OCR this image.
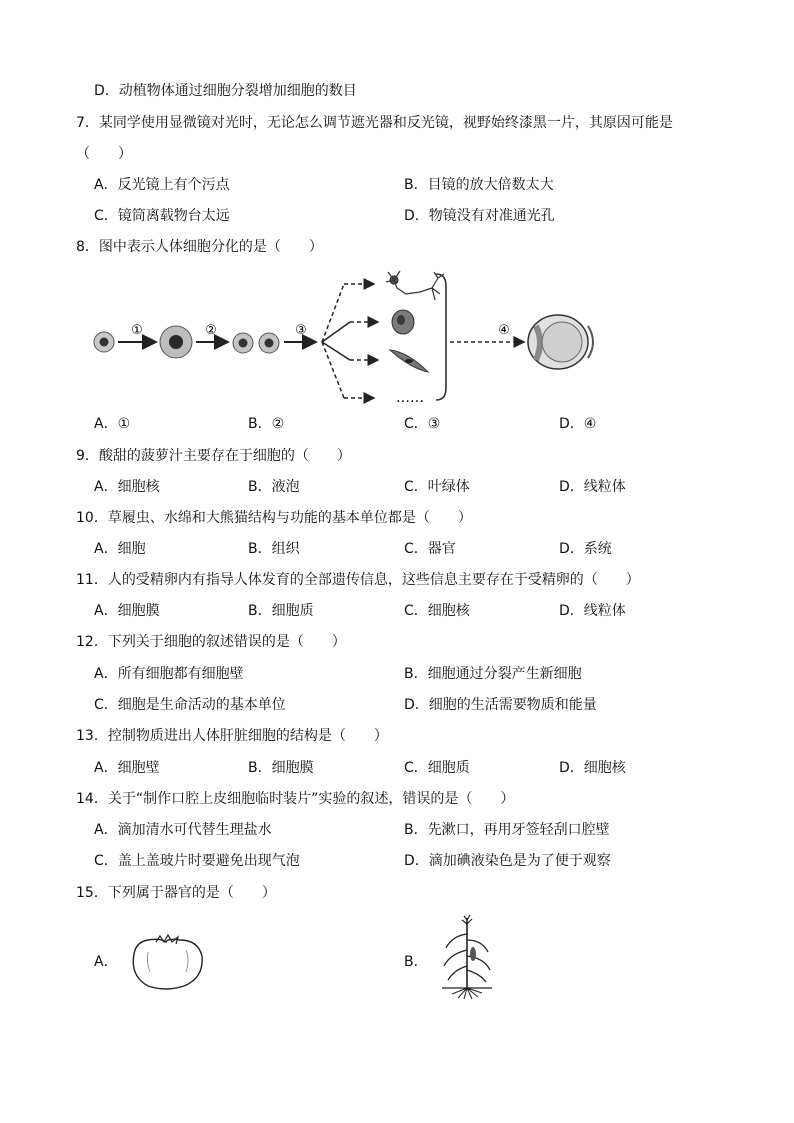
D．动植物体通过细胞分裂增加细胞的数目
7．某同学使用显微镜对光时，无论怎么调节遮光器和反光镜，视野始终漆黑一片，其原因可能是
（　　）
A．反光镜上有个污点	B．目镜的放大倍数太大
C．镜筒离载物台太远	D．物镜没有对准通光孔
8．图中表示人体细胞分化的是（　　）
①	②	③
……
④
A．①	B．②	C．③	D．④
9．酸甜的菠萝汁主要存在于细胞的（　　）
A．细胞核	B．液泡	C．叶绿体	D．线粒体
10．草履虫、水绵和大熊猫结构与功能的基本单位都是（　　）
A．细胞	B．组织	C．器官	D．系统
11．人的受精卵内有指导人体发育的全部遗传信息，这些信息主要存在于受精卵的（　　）
A．细胞膜	B．细胞质	C．细胞核	D．线粒体
12．下列关于细胞的叙述错误的是（　　）
A．所有细胞都有细胞壁	B．细胞通过分裂产生新细胞
C．细胞是生命活动的基本单位	D．细胞的生活需要物质和能量
13．控制物质进出人体肝脏细胞的结构是（　　）
A．细胞壁	B．细胞膜	C．细胞质	D．细胞核
14．关于“制作口腔上皮细胞临时装片”实验的叙述，错误的是（　　）
A．滴加清水可代替生理盐水	B．先漱口，再用牙签轻刮口腔壁
C．盖上盖玻片时要避免出现气泡	D．滴加碘液染色是为了便于观察
15．下列属于器官的是（　　）
A．	B．
